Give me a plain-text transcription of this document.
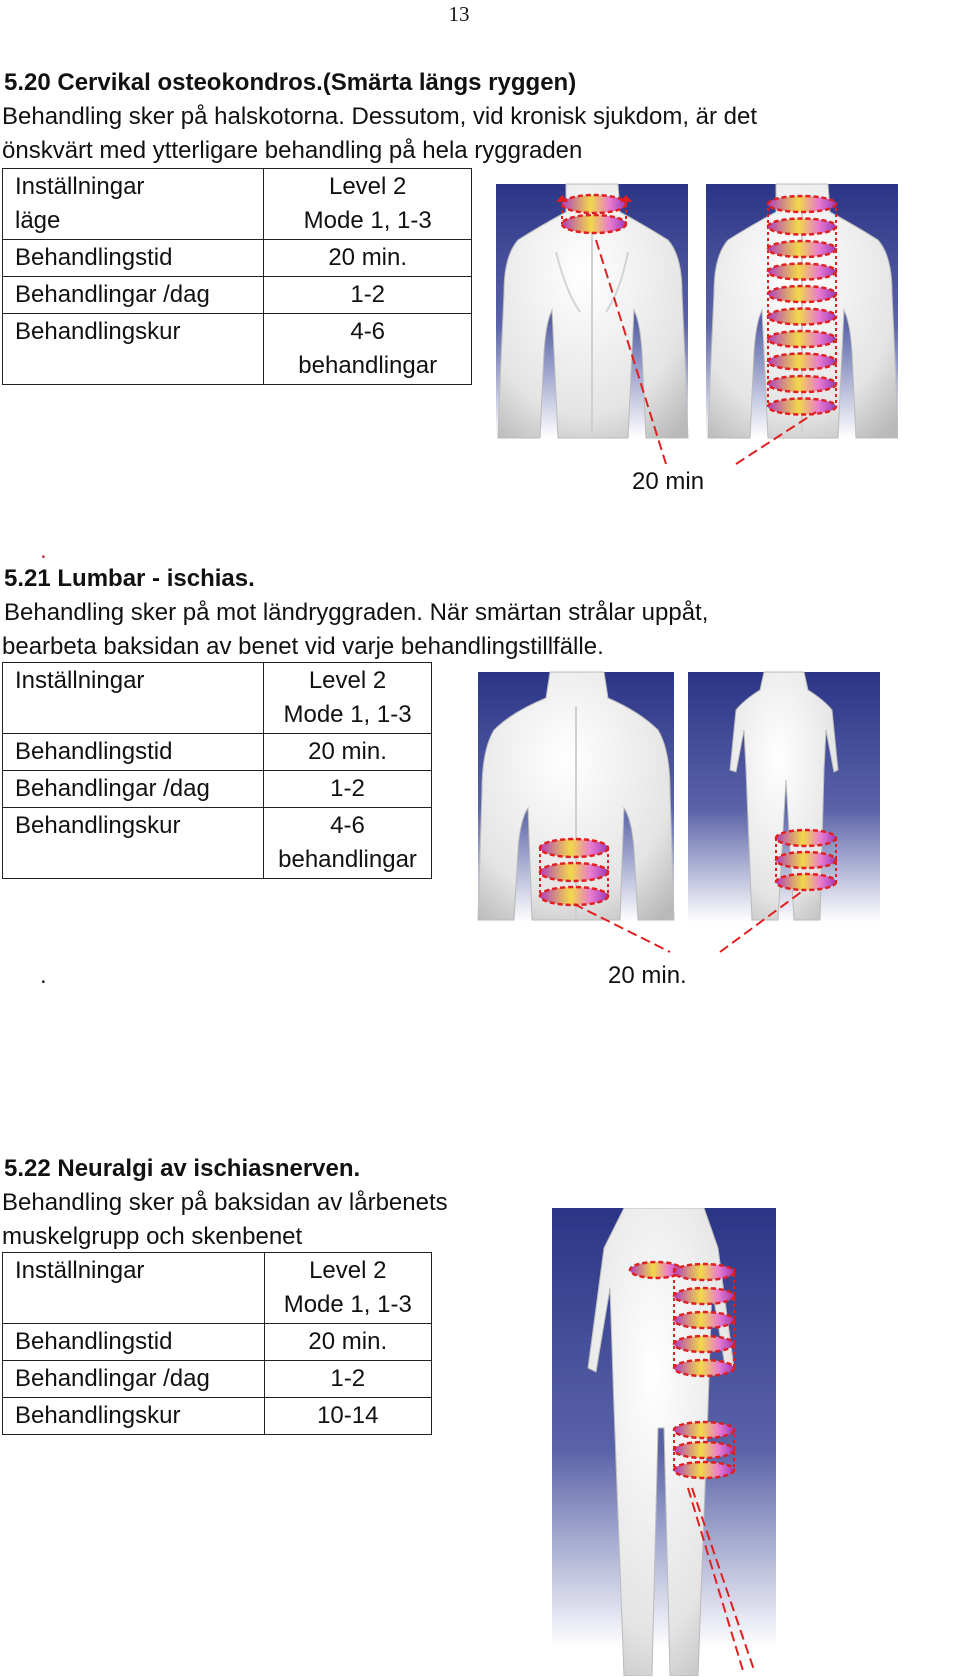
13
5.20 Cervikal osteokondros.(Smärta längs ryggen)
Behandling sker på halskotorna. Dessutom, vid kronisk sjukdom, är det
önskvärt med ytterligare behandling på hela ryggraden
Inställningar
läge	Level 2
Mode 1, 1-3
Behandlingstid	20 min.
Behandlingar /dag	1-2
Behandlingskur	4-6
behandlingar
20 min
.
5.21 Lumbar - ischias.
Behandling sker på mot ländryggraden. När smärtan strålar uppåt,
bearbeta baksidan av benet vid varje behandlingstillfälle.
Inställningar	Level 2
Mode 1, 1-3
Behandlingstid	20 min.
Behandlingar /dag	1-2
Behandlingskur	4-6
behandlingar
.	20 min.
5.22 Neuralgi av ischiasnerven.
Behandling sker på baksidan av lårbenets
muskelgrupp och skenbenet
Inställningar	Level 2
Mode 1, 1-3
Behandlingstid	20 min.
Behandlingar /dag	1-2
Behandlingskur	10-14
